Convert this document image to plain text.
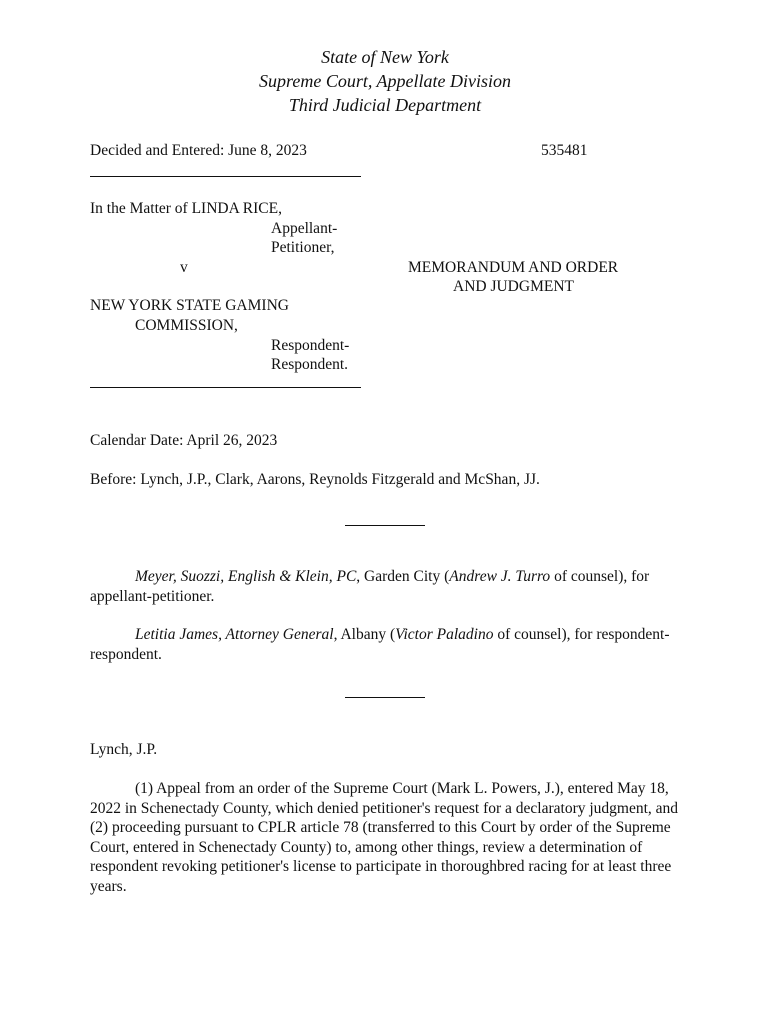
State of New York
Supreme Court, Appellate Division
Third Judicial Department
Decided and Entered: June 8, 2023	535481
In the Matter of LINDA RICE,
Appellant-
Petitioner,
v	MEMORANDUM AND ORDER
AND JUDGMENT
NEW YORK STATE GAMING
COMMISSION,
Respondent-
Respondent.
Calendar Date: April 26, 2023
Before: Lynch, J.P., Clark, Aarons, Reynolds Fitzgerald and McShan, JJ.
Meyer, Suozzi, English & Klein, PC, Garden City (Andrew J. Turro of counsel), for appellant-petitioner.
Letitia James, Attorney General, Albany (Victor Paladino of counsel), for respondent-respondent.
Lynch, J.P.
(1) Appeal from an order of the Supreme Court (Mark L. Powers, J.), entered May 18, 2022 in Schenectady County, which denied petitioner's request for a declaratory judgment, and (2) proceeding pursuant to CPLR article 78 (transferred to this Court by order of the Supreme Court, entered in Schenectady County) to, among other things, review a determination of respondent revoking petitioner's license to participate in thoroughbred racing for at least three years.
